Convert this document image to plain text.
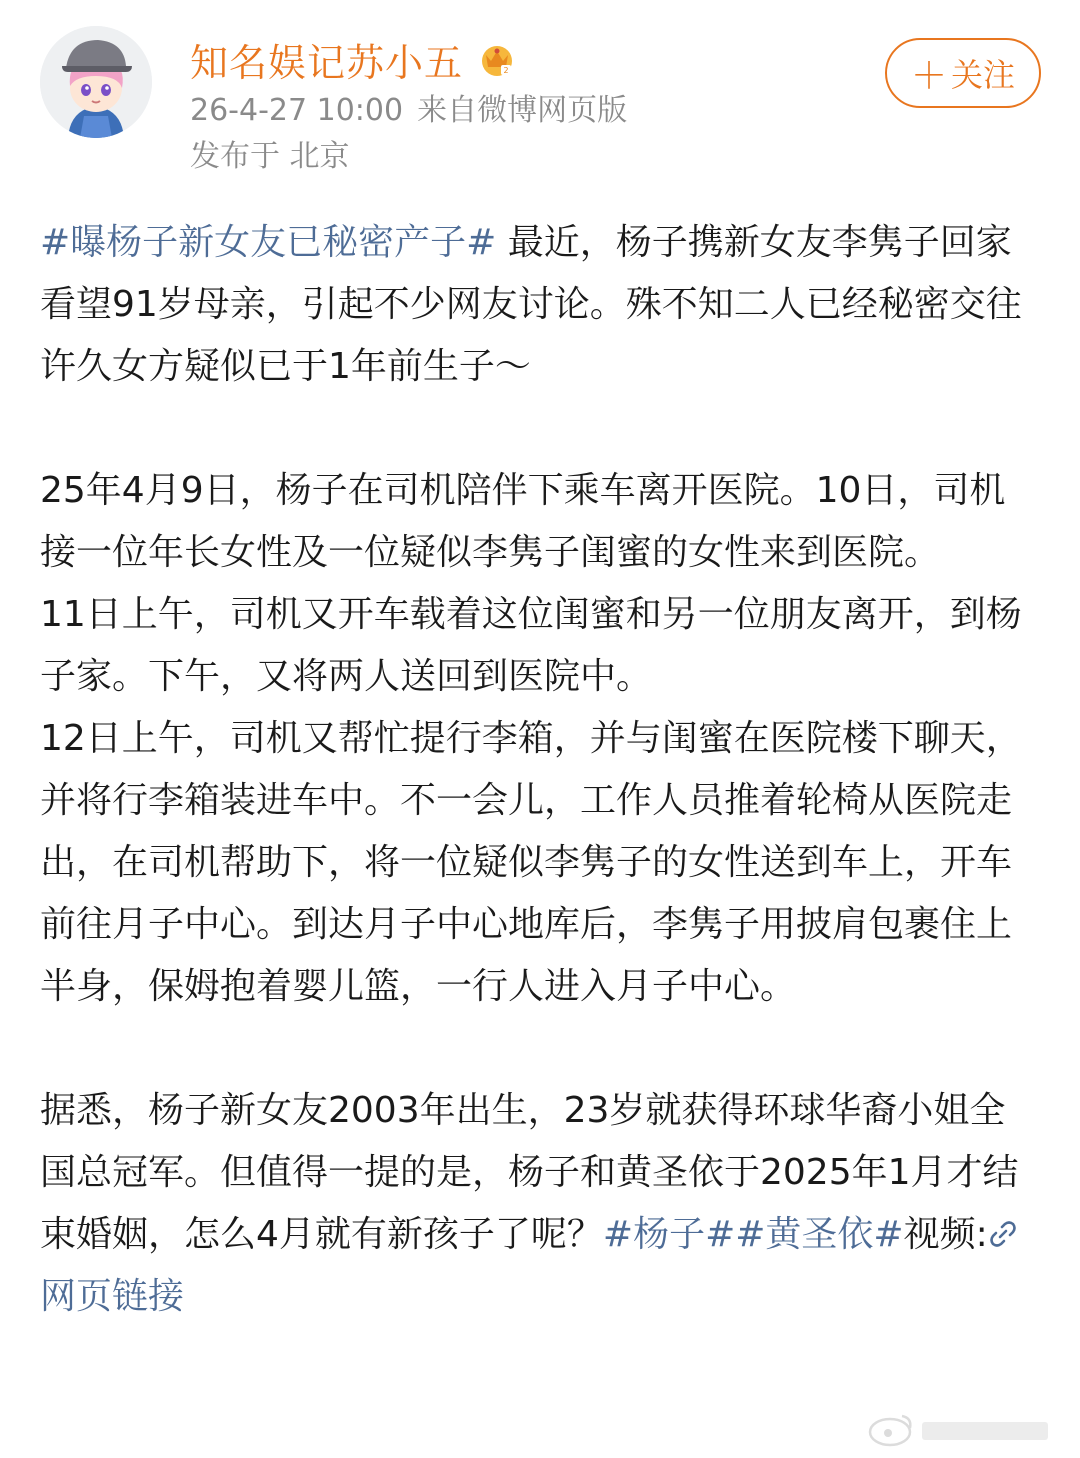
知名娱记苏小五	2
26-4-27 10:00 来自微博网页版
发布于 北京
＋ 关注

#曝杨子新女友已秘密产子# 最近，杨子携新女友李隽子回家看望91岁母亲，引起不少网友讨论。殊不知二人已经秘密交往许久女方疑似已于1年前生子～

25年4月9日，杨子在司机陪伴下乘车离开医院。10日，司机接一位年长女性及一位疑似李隽子闺蜜的女性来到医院。

11日上午，司机又开车载着这位闺蜜和另一位朋友离开，到杨子家。下午，又将两人送回到医院中。

12日上午，司机又帮忙提行李箱，并与闺蜜在医院楼下聊天，并将行李箱装进车中。不一会儿，工作人员推着轮椅从医院走出，在司机帮助下，将一位疑似李隽子的女性送到车上，开车前往月子中心。到达月子中心地库后，李隽子用披肩包裹住上半身，保姆抱着婴儿篮，一行人进入月子中心。

据悉，杨子新女友2003年出生，23岁就获得环球华裔小姐全国总冠军。但值得一提的是，杨子和黄圣依于2025年1月才结束婚姻，怎么4月就有新孩子了呢？#杨子##黄圣依#视频:网页链接
